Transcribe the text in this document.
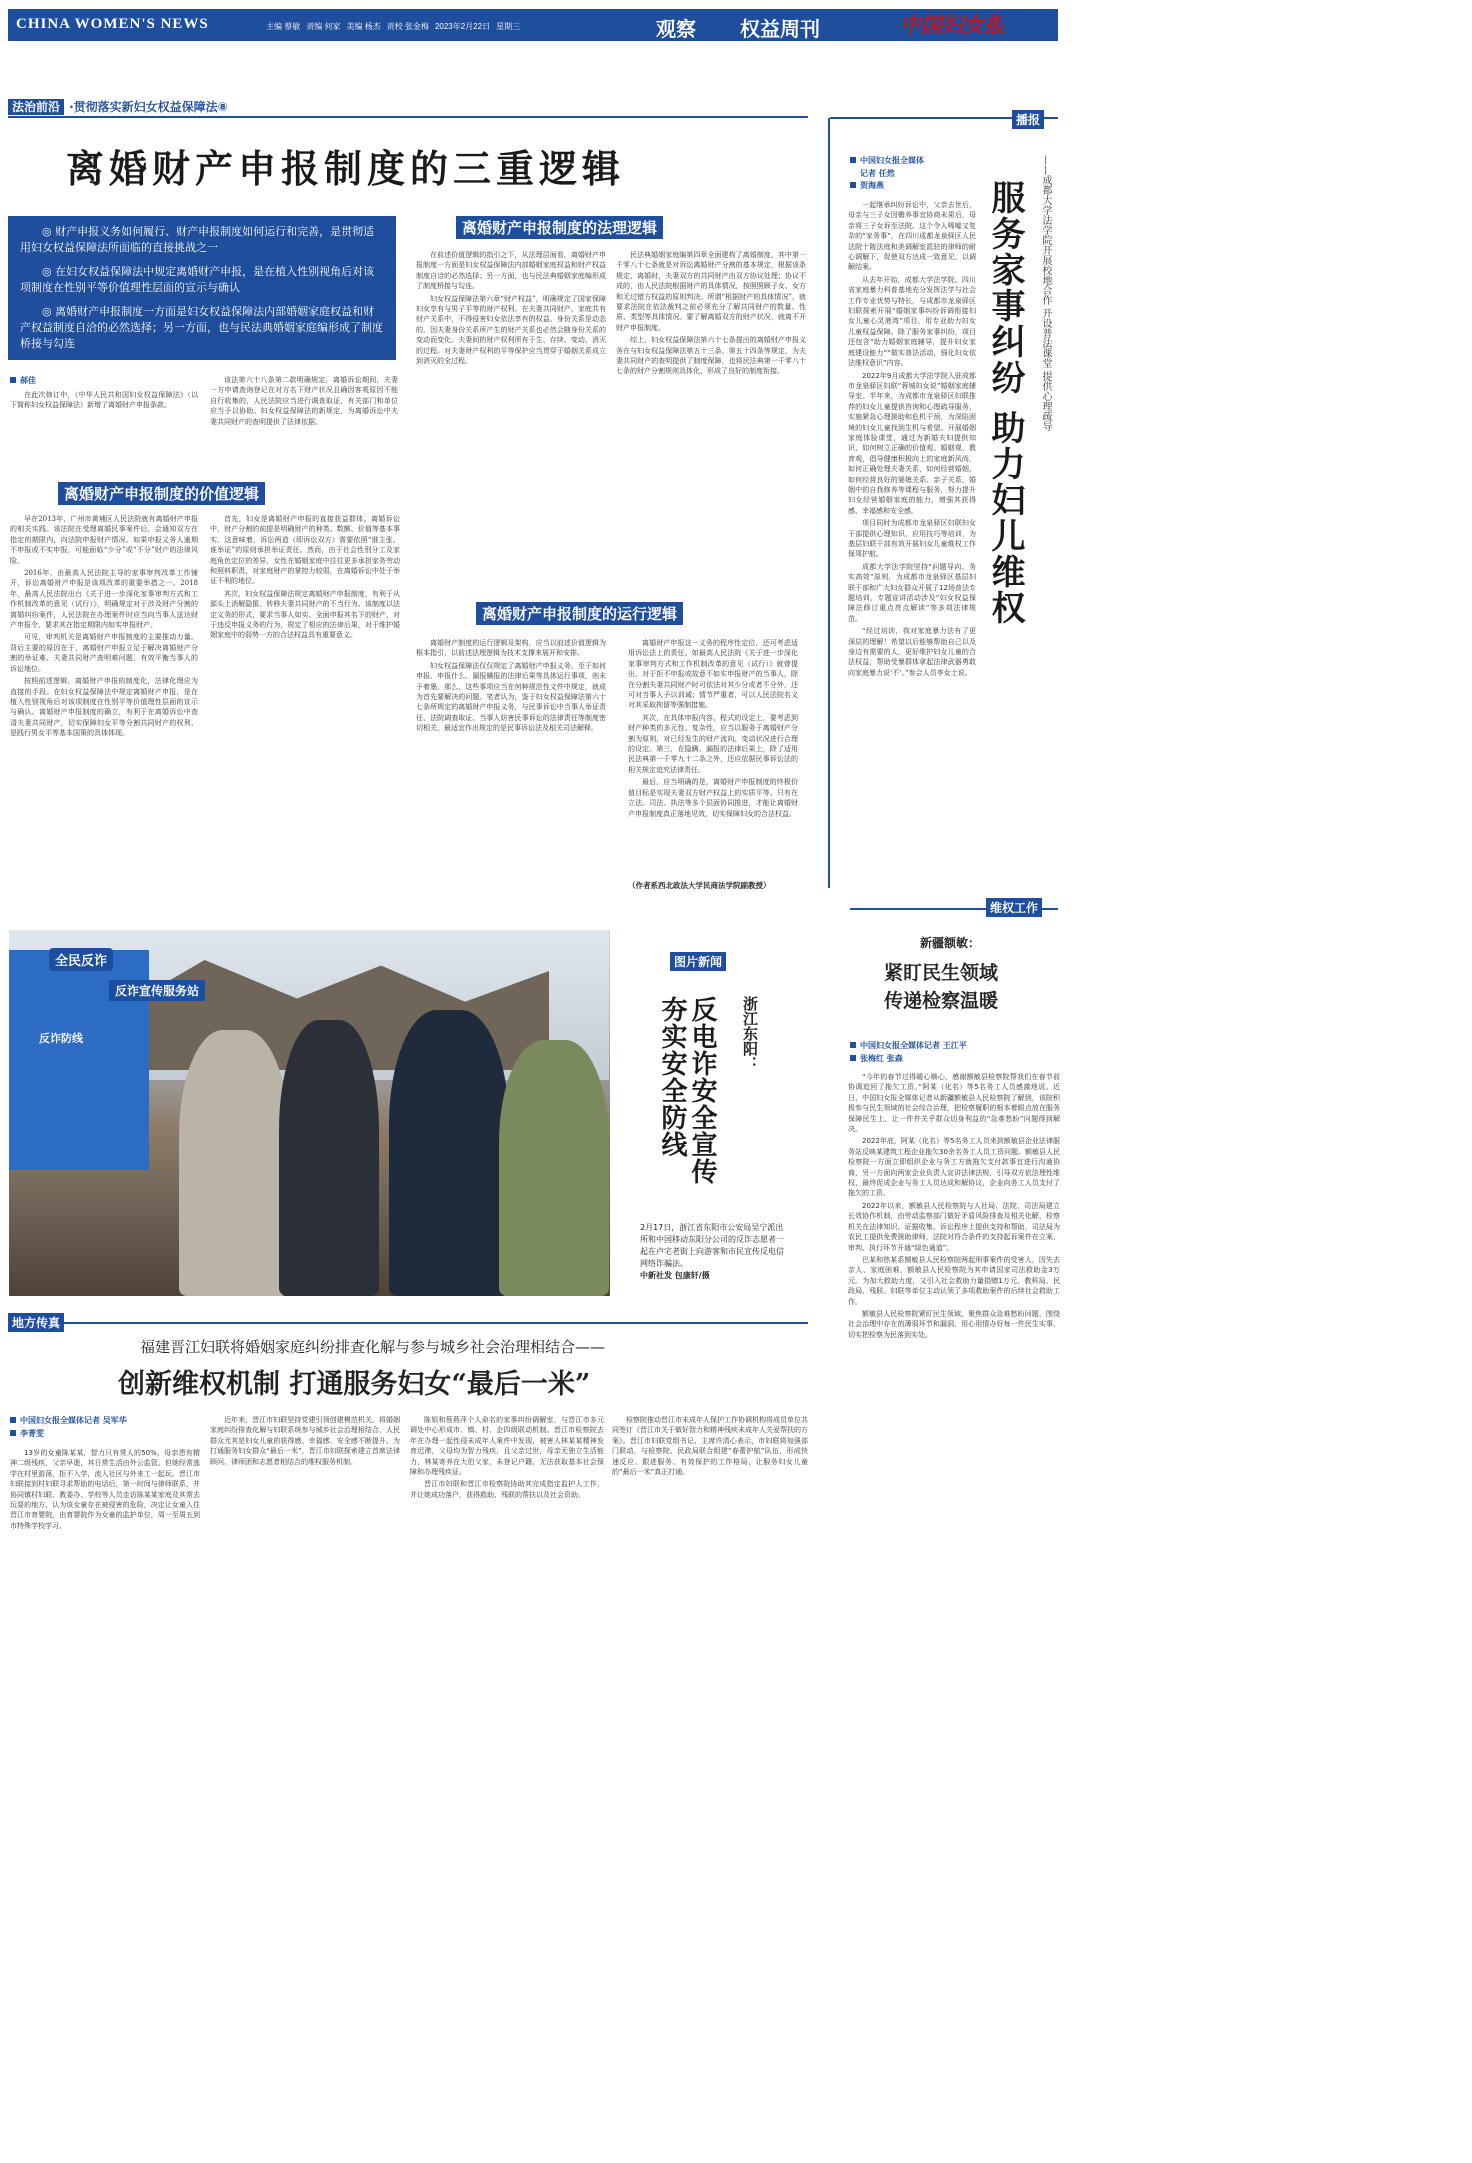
CHINA WOMEN'S NEWS	主编 蔡敏 责编 何家 美编 杨杰 责校 张金梅 2023年2月22日 星期三	观察 权益周刊	中国妇女报
5
法治前沿 ·贯彻落实新妇女权益保障法⑧
离婚财产申报制度的三重逻辑

◎ 财产申报义务如何履行、财产申报制度如何运行和完善，是贯彻适用妇女权益保障法所面临的直接挑战之一

◎ 在妇女权益保障法中规定离婚财产申报，是在植入性别视角后对该项制度在性别平等价值理性层面的宣示与确认

◎ 离婚财产申报制度一方面是妇女权益保障法内部婚姻家庭权益和财产权益制度自洽的必然选择；另一方面，也与民法典婚姻家庭编形成了制度桥接与勾连

郝佳

在此次修订中，《中华人民共和国妇女权益保障法》（以下简称妇女权益保障法）新增了离婚财产申报条款。

该法第六十八条第二款明确规定，离婚诉讼期间，夫妻一方申请查询登记在对方名下财产状况且确因客观原因不能自行收集的，人民法院应当进行调查取证，有关部门和单位应当予以协助。妇女权益保障法的新规定，为离婚诉讼中夫妻共同财产的查明提供了法律依据。

离婚财产申报制度的价值逻辑

早在2013年，广州市黄埔区人民法院就有离婚财产申报的相关实践。该法院在受理离婚民事案件后，会通知双方在指定的期限内，向法院申报财产情况。如果申报义务人逾期不申报或不实申报，可能面临“少分”或“不分”财产的法律风险。

2016年，由最高人民法院主导的家事审判改革工作铺开，诉讼离婚财产申报是该项改革的重要举措之一。2018年，最高人民法院出台《关于进一步深化家事审判方式和工作机制改革的意见（试行）》，明确规定对于涉及财产分割的离婚纠纷案件，人民法院在办理案件时应当向当事人送达财产申报令，要求其在指定期限内如实申报财产。

可见，审判机关是离婚财产申报制度的主要推动力量。背后主要的原因在于，离婚财产申报立足于解决离婚财产分割的举证难、夫妻共同财产查明难问题，有效平衡当事人的诉讼地位。

按照前述逻辑，离婚财产申报的制度化，法律化理应为直接的手段。在妇女权益保障法中规定离婚财产申报，是在植入性别视角后对该项制度在性别平等价值理性层面的宣示与确认。离婚财产申报制度的确立，有利于在离婚诉讼中查清夫妻共同财产，切实保障妇女平等分割共同财产的权利，是践行男女平等基本国策的具体体现。

首先，妇女是离婚财产申报的直接获益群体。离婚诉讼中，财产分割的前提是明确财产的种类、数额、价值等基本事实。这意味着，诉讼两造（即诉讼双方）需要依照“谁主张、谁举证”的原则承担举证责任。然而，由于社会性别分工及家庭角色定位的差异，女性在婚姻家庭中往往更多承担家务劳动和照料职责，对家庭财产的掌控力较弱，在离婚诉讼中处于举证不利的地位。

其次，妇女权益保障法规定离婚财产申报制度，有利于从源头上消解隐匿、转移夫妻共同财产的不当行为。该制度以法定义务的形式，要求当事人如实、全面申报其名下的财产，对于违反申报义务的行为，规定了相应的法律后果，对于维护婚姻家庭中的弱势一方的合法权益具有重要意义。

离婚财产申报制度的法理逻辑

在前述价值逻辑的指引之下，从法理层面看，离婚财产申报制度一方面是妇女权益保障法内部婚姻家庭权益和财产权益制度自洽的必然选择；另一方面，也与民法典婚姻家庭编形成了制度桥接与勾连。

妇女权益保障法第六章“财产权益”，明确规定了国家保障妇女享有与男子平等的财产权利。在夫妻共同财产、家庭共有财产关系中，不得侵害妇女依法享有的权益。身份关系是动态的，因夫妻身份关系所产生的财产关系也必然会随身份关系的变动而变化。夫妻间的财产权利所有于生、存续、变动、消灭的过程。对夫妻财产权利的平等保护应当贯穿于婚姻关系成立到消灭的全过程。

民法典婚姻家庭编第四章全面建构了离婚制度，其中第一千零八十七条就是对诉讼离婚财产分割的基本规定，根据该条规定，离婚时，夫妻双方的共同财产由双方协议处理；协议不成的，由人民法院根据财产的具体情况，按照照顾子女、女方和无过错方权益的原则判决。所谓“根据财产的具体情况”，就要求法院在依法裁判之前必须充分了解共同财产的数量、性质、类型等具体情况。要了解离婚双方的财产状况，就离不开财产申报制度。

综上，妇女权益保障法第六十七条提出的离婚财产申报义务在与妇女权益保障法第五十三条、第五十四条等规定，为夫妻共同财产的查明提供了制度保障，也将民法典第一千零八十七条的财产分割规则具体化，形成了良好的制度衔接。

离婚财产申报制度的运行逻辑

离婚财产制度的运行逻辑及架构，应当以前述价值逻辑为根本指引，以前述法理逻辑为技术支撑来展开和安排。

妇女权益保障法仅仅规定了离婚财产申报义务，至于如何申报、申报什么、漏报瞒报的法律后果等具体运行事项，则未予着墨。那么，这些事项应当在何种规范性文件中规定，就成为首先要解决的问题。笔者认为，鉴于妇女权益保障法第六十七条所规定的离婚财产申报义务，与民事诉讼中当事人举证责任、法院调查取证、当事人妨害民事诉讼的法律责任等制度密切相关，最适宜作出规定的是民事诉讼法及相关司法解释。

离婚财产申报这一义务的程序性定位，还可考虑适用诉讼法上的责任。如最高人民法院《关于进一步深化家事审判方式和工作机制改革的意见（试行）》就曾提出，对于拒不申报或故意不如实申报财产的当事人，除在分割夫妻共同财产时可依法对其少分或者不分外，还可对当事人予以训诫；情节严重者，可以人民法院名义对其采取拘留等强制措施。

其次，在具体申报内容、程式的设定上，要考虑到财产种类的多元性、复杂性，应当以服务于离婚财产分割为原则，对已经发生的财产流向、变动状况进行合理的设定。第三，在隐瞒、漏报的法律后果上，除了适用民法典第一千零九十二条之外，还应依据民事诉讼法的相关规定追究法律责任。

最后，应当明确的是，离婚财产申报制度的终极价值目标是实现夫妻双方财产权益上的实质平等。只有在立法、司法、执法等多个层面协同推进，才能让离婚财产申报制度真正落地见效，切实保障妇女的合法权益。

（作者系西北政法大学民商法学院副教授）
播报
中国妇女报全媒体
记者 任然
贺海燕	服务家事纠纷 助力妇儿维权 ——成都大学法学院开展校地合作 开设普法课堂 提供心理疏导

一起继承纠纷诉讼中，父亲去世后，母亲与三子女因赡养事宜协商未果后，母亲将三子女诉至法院。这个令人唏嘘又复杂的“家务事”，在四川成都龙泉驿区人民法院十陵法庭和美调解室派驻的律师的耐心调解下，促使双方达成一致意见，以调解结案。

从去年开始，成都大学法学院、四川省家庭暴力科普基地充分发挥法学与社会工作专业优势与特长，与成都市龙泉驿区妇联探索开展“婚姻家事纠纷诉调衔接妇女儿童心灵港湾”项目，用专业助力妇女儿童权益保障。除了服务家事纠纷，项目还包含“助力婚姻家庭辅导，提升妇女家庭建设能力”“做实普法活动，强化妇女依法维权意识”内容。

2022年9月成都大学法学院入驻成都市龙泉驿区妇联“蓉城妇女说”婚姻家庭辅导室。半年来，为成都市龙泉驿区妇联推荐的妇女儿童提供咨询和心理疏导服务，实施紧急心理援助和危机干预，为深陷困境的妇女儿童找到生机与希望。开展婚姻家庭体验课堂，通过为新婚夫妇提供知识、如何树立正确的价值观、婚姻观、教育观，倡导健康积极向上的家庭新风尚，如何正确处理夫妻关系，如何经营婚姻，如何经营良好的婆媳关系、亲子关系，婚姻中的自我修养等课程与服务，努力提升妇女经营婚姻家庭的能力，增强其获得感、幸福感和安全感。

项目同时为成都市龙泉驿区妇联妇女干部提供心理知识、应用技巧等培训，为基层妇联干部有效开展妇女儿童维权工作保驾护航。

成都大学法学院坚持“问题导向、务实高效”原则，为成都市龙泉驿区基层妇联干部和广大妇女群众开展了12场普法专题培训，专题宣讲活动涉及“妇女权益保障法修订重点亮点解读”等多项法律规范。

“经过培训，我对家庭暴力法有了更深层的理解！希望以后能够帮助自己以及身边有需要的人，更好维护妇女儿童的合法权益，帮助受暴群体拿起法律武器勇敢向家庭暴力说‘不’。”参会人员李女士说。

维权工作
新疆额敏：
紧盯民生领域
传递检察温暖
中国妇女报全媒体记者 王江平
张梅红 张森

“今年的春节过得暖心顺心，感谢额敏县检察院帮我们在春节前协调追回了拖欠工资。”阿某（化名）等5名务工人员感激地说。近日，中国妇女报全媒体记者从新疆额敏县人民检察院了解到，该院积极参与民生领域的社会综合治理，把检察履职的根本着眼点放在服务保障民生上，让一件件关乎群众切身利益的“急难愁盼”问题得到解决。

2022年底，阿某（化名）等5名务工人员来到额敏县企业法律服务站反映某建筑工程企业拖欠30余名务工人员工资问题。额敏县人民检察院一方面立即组织企业与务工方就拖欠支付款事宜进行沟通协商，另一方面向两家企业负责人宣讲法律法规，引导双方依法理性维权，最终促成企业与务工人员达成和解协议，企业向务工人员支付了拖欠的工资。

2022年以来，额敏县人民检察院与人社局、法院、司法局建立长效协作机制，由劳动监察部门做好矛盾风险排查及相关化解，检察机关在法律知识、证据收集、诉讼程序上提供支持和帮助，司法局为农民工提供免费援助律师，法院对符合条件的支持起诉案件在立案、审判、执行环节开通“绿色通道”。

巴某和热某系额敏县人民检察院两起刑事案件的受害人，因失去亲人、家庭困难，额敏县人民检察院为其申请国家司法救助金3万元。为加大救助力度，又引入社会救助力量捐赠1万元，教科局、民政局、残联、妇联等单位主动认领了多项救助案件的后续社会救助工作。

额敏县人民检察院紧盯民生领域，聚焦群众急难愁盼问题，围绕社会治理中存在的薄弱环节和漏洞，用心用情办好每一件民生实事，切实把检察为民落到实处。

全民反诈
反诈宣传服务站
反诈防线
图片新闻
浙江东阳：
反电诈安全宣传 夯实安全防线
2月17日，浙江省东阳市公安局吴宁派出所和中国移动东阳分公司的反诈志愿者一起在卢宅老街上向游客和市民宣传反电信网络诈骗法。
中新社发 包康轩/摄
地方传真
福建晋江妇联将婚姻家庭纠纷排查化解与参与城乡社会治理相结合——
创新维权机制 打通服务妇女“最后一米”
中国妇女报全媒体记者 吴军华
李菁雯

13岁的女童陈某某，智力只有常人的50%，母亲患有精神二级残疾，父亲早逝，其日常生活由外公监管。但她经常逃学在村里游荡，拒不入学，流入社区与外来工一起玩。晋江市妇联接到村妇联寻求帮助的电话后，第一时间与律师联系，并协同镇村妇联、教委办、学校等人员走访陈某某家庭及其常去玩耍的地方，认为该女童存在被侵害的危险，决定让女童入住晋江市育婴院，由育婴院作为女童的监护单位，周一至周五到市特殊学校学习。

近年来，晋江市妇联坚持党建引领创建模范机关，将婚姻家庭纠纷排查化解与妇联系统参与城乡社会治理相结合，人民群众尤其是妇女儿童的获得感、幸福感、安全感不断提升。为打通服务妇女群众“最后一米”，晋江市妇联探索建立首席法律顾问、律师团和志愿者相结合的维权服务机制。

陈姐和蔡燕萍个人命名的家事纠纷调解室，与晋江市多元调处中心形成市、镇、村、企四级联动机制。晋江市检察院去年在办理一起性侵未成年人案件中发现，被害人林某某精神发育迟滞，父母均为智力残疾，且父亲过世，母亲无独立生活能力，林某寄养在大伯父家，未登记户籍，无法获取基本社会保障和办理残疾证。

晋江市妇联和晋江市检察院协助其完成指定监护人工作，并让她成功落户，获得救助、残联的帮扶以及社会资助。

检察院推动晋江市未成年人保护工作协调机构将成员单位共同签订《晋江市关于做好智力和精神残疾未成年人关爱帮扶的方案》。晋江市妇联党组书记、主席许清心表示，市妇联将加强部门联动，与检察院、民政局联合组建“春蕾护航”队伍，形成快速反应、跟进服务、有效保护的工作格局，让服务妇女儿童的“最后一米”真正打通。
